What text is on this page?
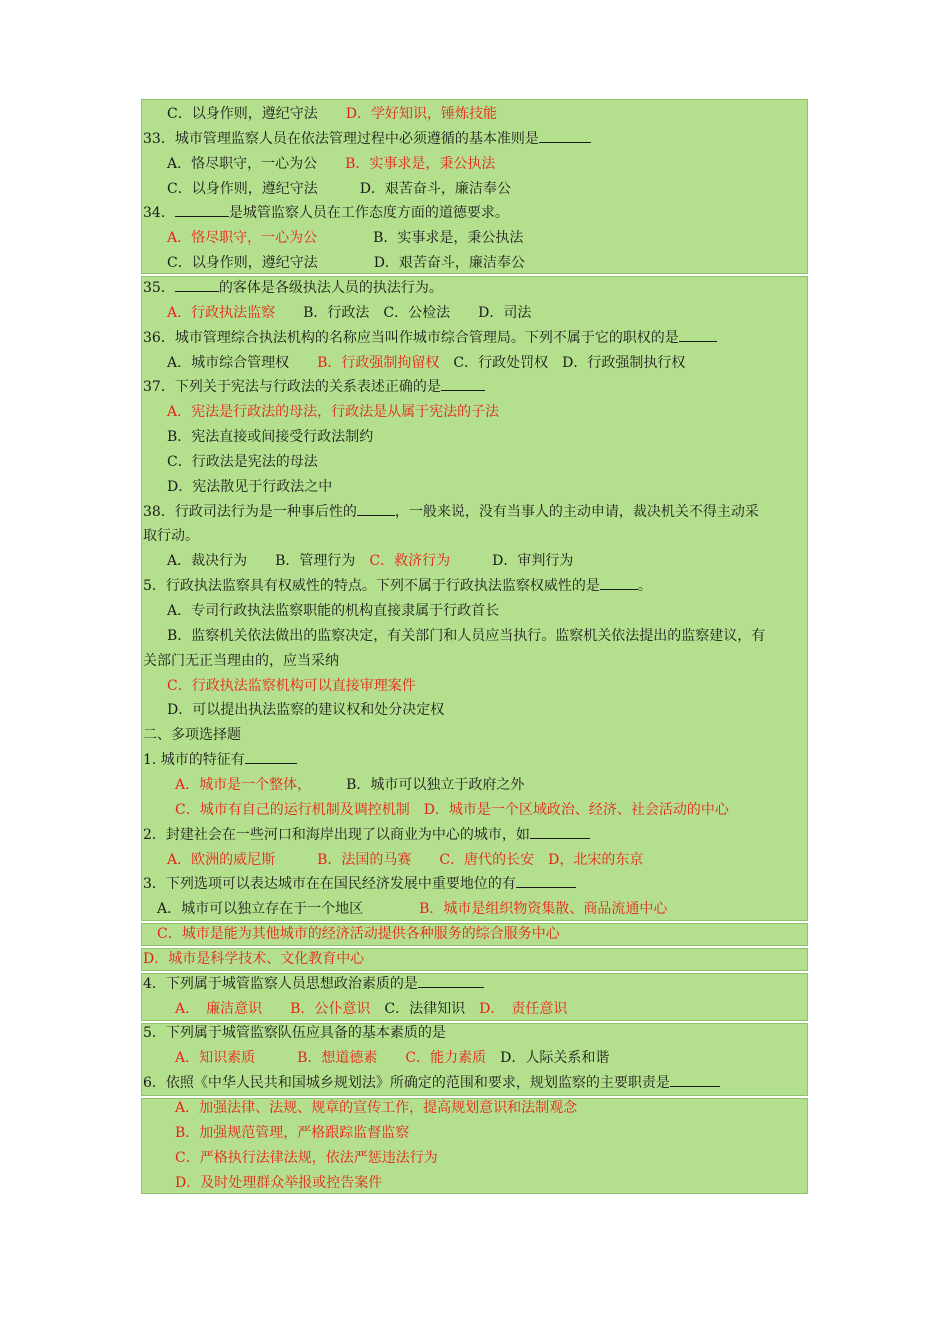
C．以身作则，遵纪守法　　D．学好知识，锤炼技能
33．城市管理监察人员在依法管理过程中必须遵循的基本准则是
A．恪尽职守，一心为公　　B．实事求是，秉公执法
C．以身作则，遵纪守法　　　D．艰苦奋斗，廉洁奉公
34．	是城管监察人员在工作态度方面的道德要求。
A．恪尽职守，一心为公　　　　B．实事求是，秉公执法
C．以身作则，遵纪守法　　　　D．艰苦奋斗，廉洁奉公
35．	的客体是各级执法人员的执法行为。
A．行政执法监察　　B．行政法　C．公检法　　D．司法
36．城市管理综合执法机构的名称应当叫作城市综合管理局。下列不属于它的职权的是
A．城市综合管理权　　B．行政强制拘留权　C．行政处罚权　D．行政强制执行权
37．下列关于宪法与行政法的关系表述正确的是
A．宪法是行政法的母法，行政法是从属于宪法的子法
B．宪法直接或间接受行政法制约
C．行政法是宪法的母法
D．宪法散见于行政法之中
38．行政司法行为是一种事后性的	，一般来说，没有当事人的主动申请，裁决机关不得主动采
取行动。
A．裁决行为　　B．管理行为　C．救济行为　　　D．审判行为
5．行政执法监察具有权威性的特点。下列不属于行政执法监察权威性的是	。
A．专司行政执法监察职能的机构直接隶属于行政首长
B．监察机关依法做出的监察决定，有关部门和人员应当执行。监察机关依法提出的监察建议，有
关部门无正当理由的，应当采纳
C．行政执法监察机构可以直接审理案件
D．可以提出执法监察的建议权和处分决定权
二、多项选择题
1. 城市的特征有
A．城市是一个整体，　　　B．城市可以独立于政府之外
C．城市有自己的运行机制及调控机制　D．城市是一个区域政治、经济、社会活动的中心
2．封建社会在一些河口和海岸出现了以商业为中心的城市，如
A．欧洲的威尼斯　　　B．法国的马赛　　C．唐代的长安　D，北宋的东京
3．下列选项可以表达城市在在国民经济发展中重要地位的有
A．城市可以独立存在于一个地区　　　　B．城市是组织物资集散、商品流通中心
C．城市是能为其他城市的经济活动提供各种服务的综合服务中心
D．城市是科学技术、文化教育中心
4．下列属于城管监察人员思想政治素质的是
A．　廉洁意识　　B．公仆意识　C．法律知识　D．　责任意识
5．下列属于城管监察队伍应具备的基本素质的是
A．知识素质　　　B．想道德素　　C．能力素质　D．人际关系和谐
6．依照《中华人民共和国城乡规划法》所确定的范围和要求，规划监察的主要职责是
A．加强法律、法规、规章的宣传工作，提高规划意识和法制观念
B．加强规范管理，严格跟踪监督监察
C．严格执行法律法规，依法严惩违法行为
D．及时处理群众举报或控告案件
